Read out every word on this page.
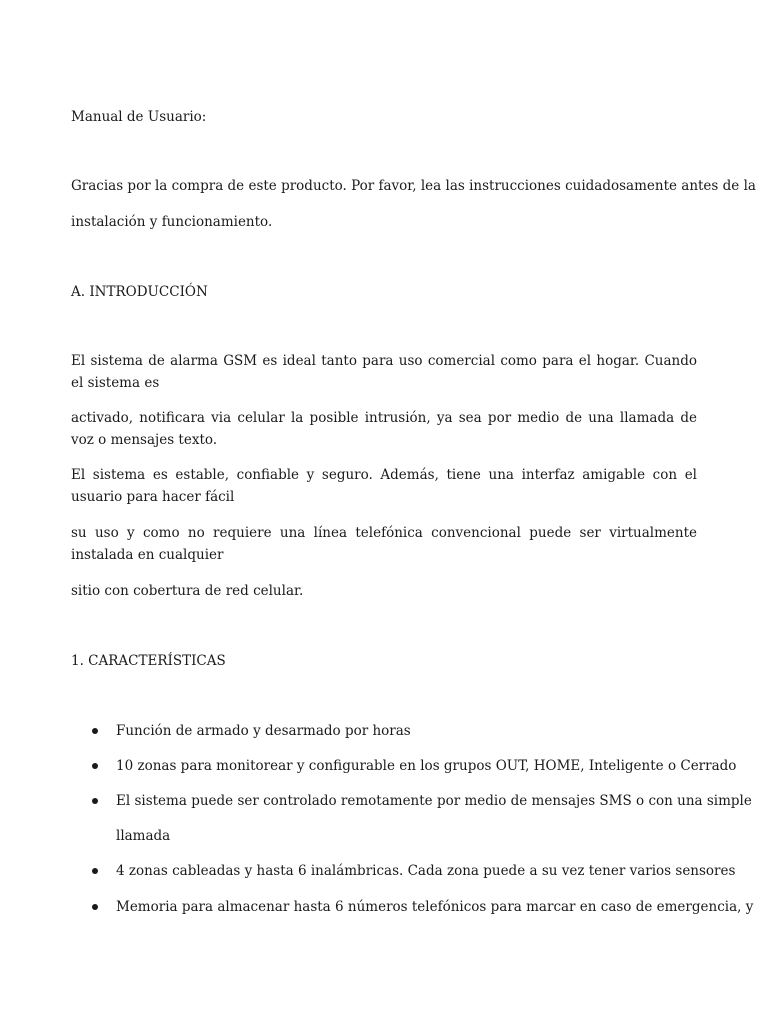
Manual de Usuario:
Gracias por la compra de este producto. Por favor, lea las instrucciones cuidadosamente antes de la
instalación y funcionamiento.
A. INTRODUCCIÓN
El sistema de alarma GSM es ideal tanto para uso comercial como para el hogar. Cuando el sistema es
activado, notificara via celular la posible intrusión, ya sea por medio de una llamada de voz o mensajes texto.
El sistema es estable, confiable y seguro. Además, tiene una interfaz amigable con el usuario para hacer fácil
su uso y como no requiere una línea telefónica convencional puede ser virtualmente instalada en cualquier
sitio con cobertura de red celular.
1. CARACTERÍSTICAS
Función de armado y desarmado por horas
10 zonas para monitorear y configurable en los grupos OUT, HOME, Inteligente o Cerrado
El sistema puede ser controlado remotamente por medio de mensajes SMS o con una simple
llamada
4 zonas cableadas y hasta 6 inalámbricas. Cada zona puede a su vez tener varios sensores
Memoria para almacenar hasta 6 números telefónicos para marcar en caso de emergencia, y
